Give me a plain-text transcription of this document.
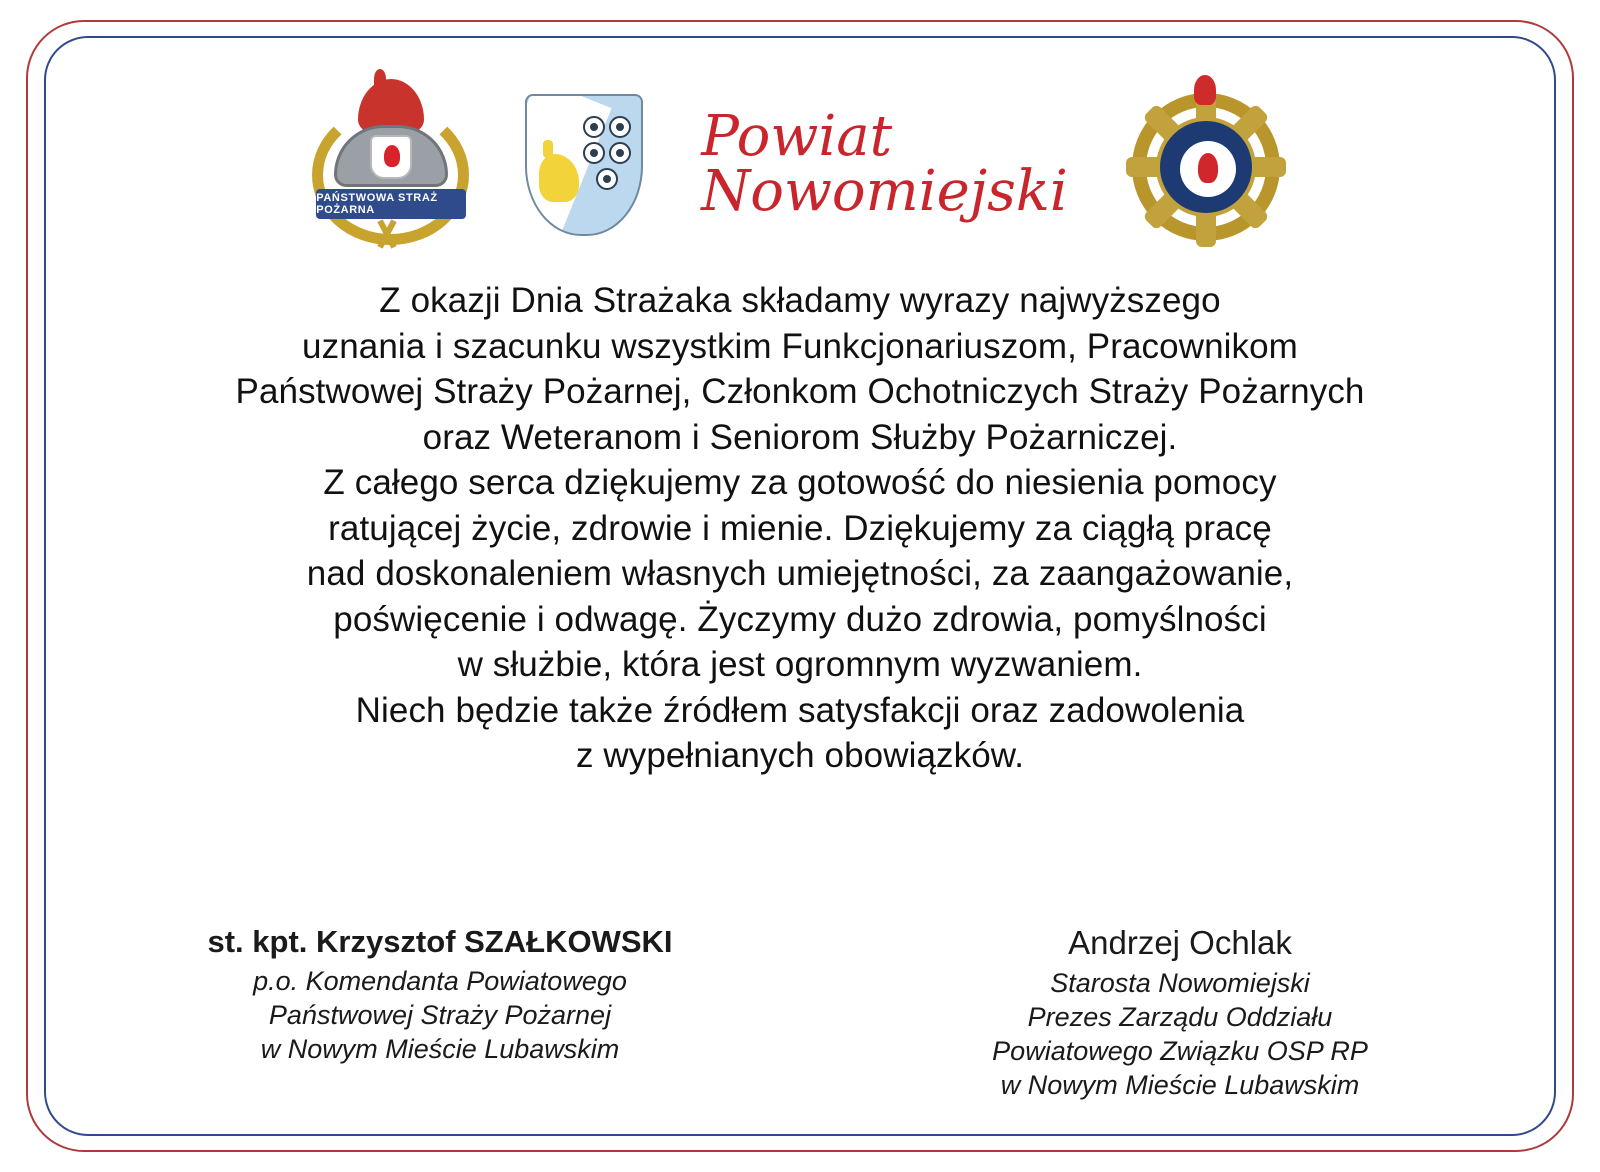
PAŃSTWOWA STRAŻ POŻARNA
Powiat
Nowomiejski

Z okazji Dnia Strażaka składamy wyrazy najwyższego

uznania i szacunku wszystkim Funkcjonariuszom, Pracownikom

Państwowej Straży Pożarnej, Członkom Ochotniczych Straży Pożarnych

oraz Weteranom i Seniorom Służby Pożarniczej.

Z całego serca dziękujemy za gotowość do niesienia pomocy

ratującej życie, zdrowie i mienie. Dziękujemy za ciągłą pracę

nad doskonaleniem własnych umiejętności, za zaangażowanie,

poświęcenie i odwagę. Życzymy dużo zdrowia, pomyślności

w służbie, która jest ogromnym wyzwaniem.

Niech będzie także źródłem satysfakcji oraz zadowolenia

z wypełnianych obowiązków.

st. kpt. Krzysztof SZAŁKOWSKI
p.o. Komendanta Powiatowego
Państwowej Straży Pożarnej
w Nowym Mieście Lubawskim
Andrzej Ochlak
Starosta Nowomiejski
Prezes Zarządu Oddziału
Powiatowego Związku OSP RP
w Nowym Mieście Lubawskim
